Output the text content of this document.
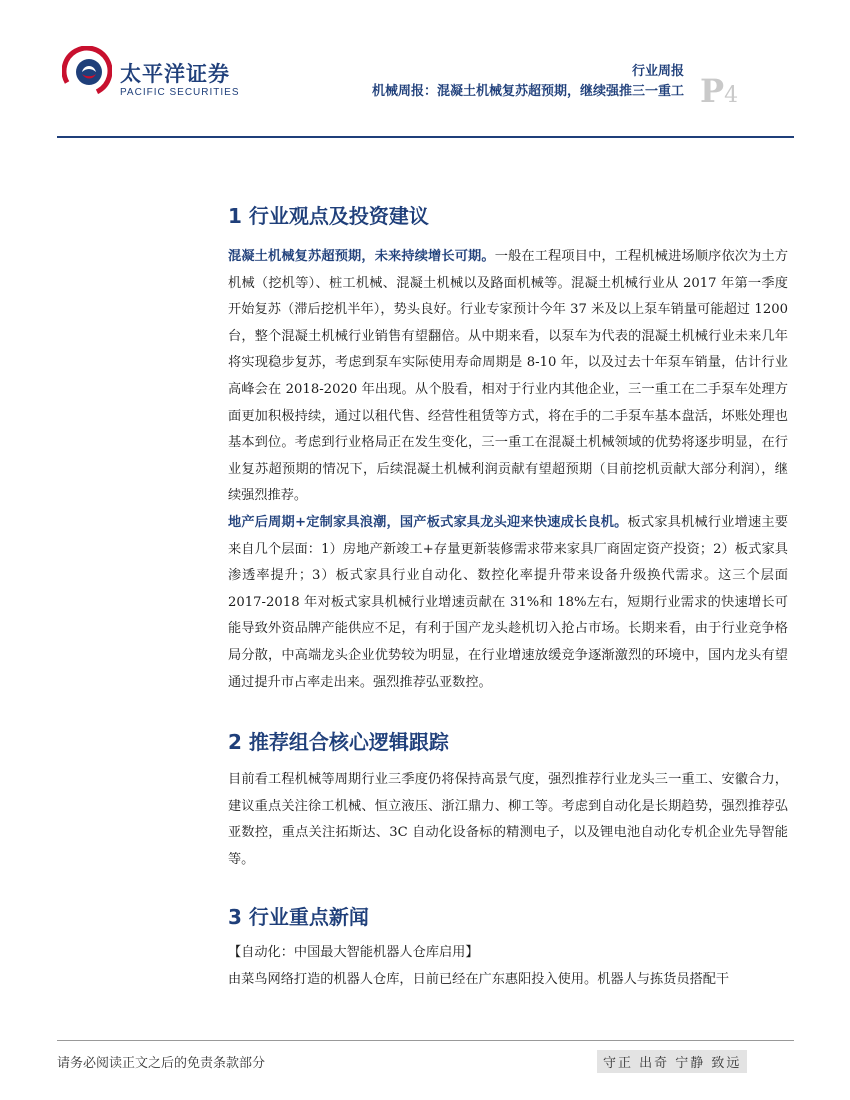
太平洋证券
PACIFIC SECURITIES
行业周报
机械周报：混凝土机械复苏超预期，继续强推三一重工 P4
1 行业观点及投资建议

混凝土机械复苏超预期，未来持续增长可期。一般在工程项目中，工程机械进场顺序依次为土方机械（挖机等）、桩工机械、混凝土机械以及路面机械等。混凝土机械行业从 2017 年第一季度开始复苏（滞后挖机半年），势头良好。行业专家预计今年 37 米及以上泵车销量可能超过 1200 台，整个混凝土机械行业销售有望翻倍。从中期来看，以泵车为代表的混凝土机械行业未来几年将实现稳步复苏，考虑到泵车实际使用寿命周期是 8-10 年，以及过去十年泵车销量，估计行业高峰会在 2018-2020 年出现。从个股看，相对于行业内其他企业，三一重工在二手泵车处理方面更加积极持续，通过以租代售、经营性租赁等方式，将在手的二手泵车基本盘活，坏账处理也基本到位。考虑到行业格局正在发生变化，三一重工在混凝土机械领域的优势将逐步明显，在行业复苏超预期的情况下，后续混凝土机械利润贡献有望超预期（目前挖机贡献大部分利润），继续强烈推荐。

地产后周期+定制家具浪潮，国产板式家具龙头迎来快速成长良机。板式家具机械行业增速主要来自几个层面：1）房地产新竣工+存量更新装修需求带来家具厂商固定资产投资；2）板式家具渗透率提升；3）板式家具行业自动化、数控化率提升带来设备升级换代需求。这三个层面 2017-2018 年对板式家具机械行业增速贡献在 31%和 18%左右，短期行业需求的快速增长可能导致外资品牌产能供应不足，有利于国产龙头趁机切入抢占市场。长期来看，由于行业竞争格局分散，中高端龙头企业优势较为明显，在行业增速放缓竞争逐渐激烈的环境中，国内龙头有望通过提升市占率走出来。强烈推荐弘亚数控。

2 推荐组合核心逻辑跟踪

目前看工程机械等周期行业三季度仍将保持高景气度，强烈推荐行业龙头三一重工、安徽合力，建议重点关注徐工机械、恒立液压、浙江鼎力、柳工等。考虑到自动化是长期趋势，强烈推荐弘亚数控，重点关注拓斯达、3C 自动化设备标的精测电子，以及锂电池自动化专机企业先导智能等。

3 行业重点新闻

【自动化：中国最大智能机器人仓库启用】

由菜鸟网络打造的机器人仓库，日前已经在广东惠阳投入使用。机器人与拣货员搭配干

请务必阅读正文之后的免责条款部分	守正 出奇 宁静 致远
